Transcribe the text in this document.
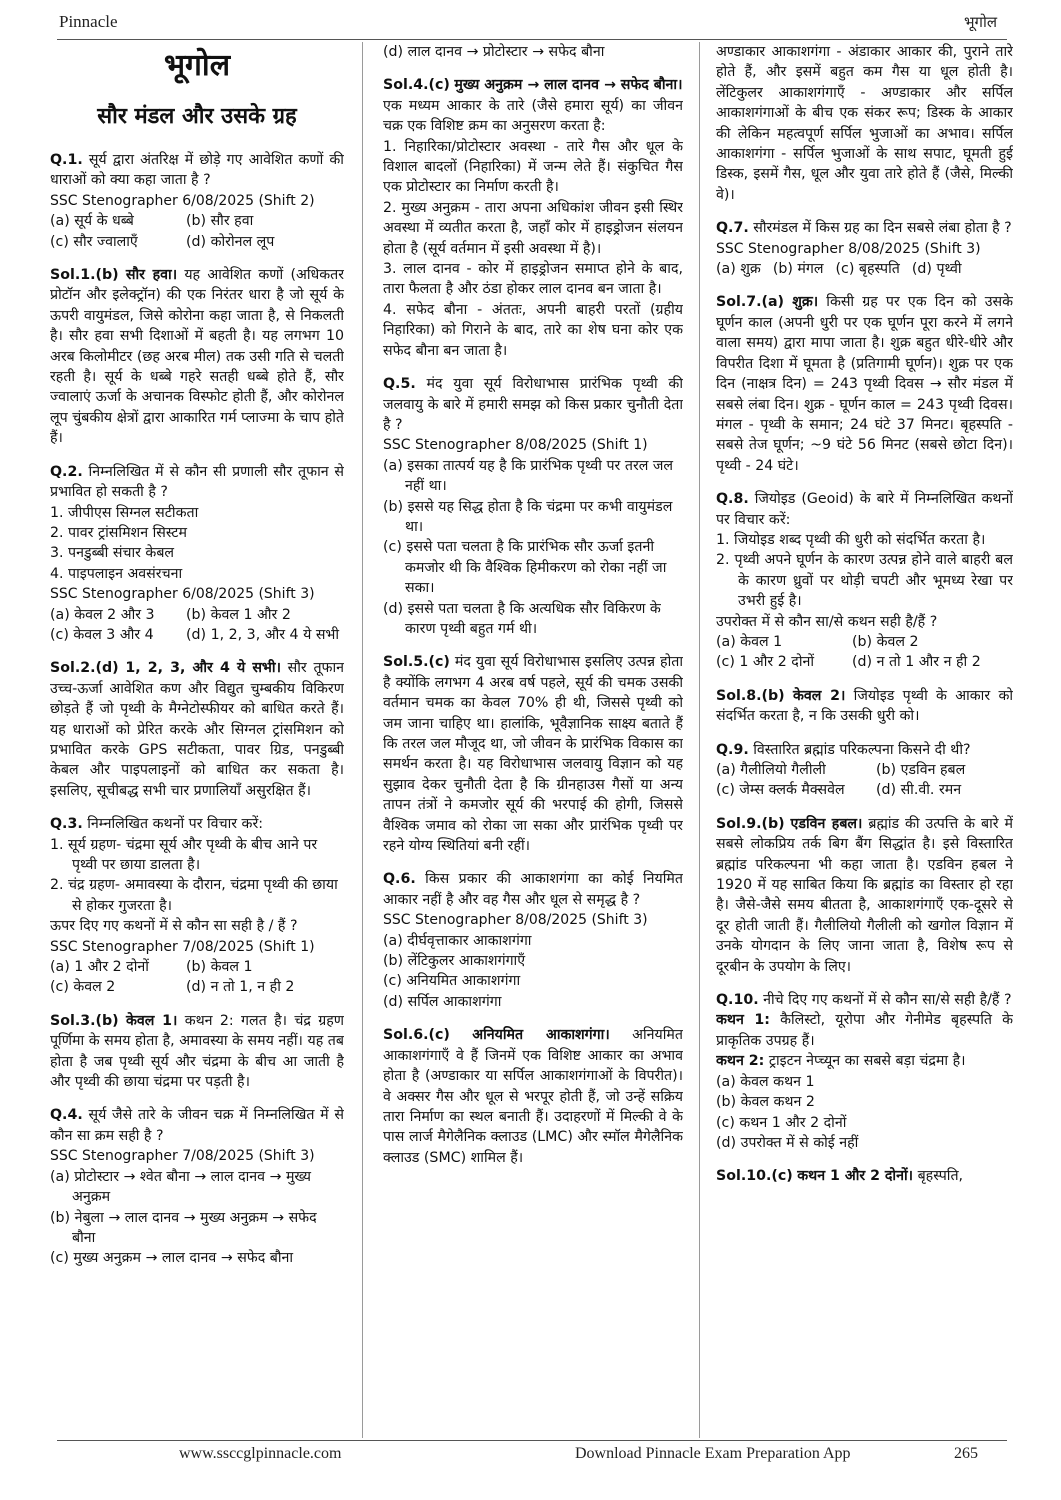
Pinnacle	भूगोल
भूगोल
सौर मंडल और उसके ग्रह
Q.1. सूर्य द्वारा अंतरिक्ष में छोड़े गए आवेशित कणों की धाराओं को क्या कहा जाता है ?
SSC Stenographer 6/08/2025 (Shift 2)
(a) सूर्य के धब्बे	(b) सौर हवा
(c) सौर ज्वालाएँ	(d) कोरोनल लूप
Sol.1.(b) सौर हवा। यह आवेशित कणों (अधिकतर प्रोटॉन और इलेक्ट्रॉन) की एक निरंतर धारा है जो सूर्य के ऊपरी वायुमंडल, जिसे कोरोना कहा जाता है, से निकलती है। सौर हवा सभी दिशाओं में बहती है। यह लगभग 10 अरब किलोमीटर (छह अरब मील) तक उसी गति से चलती रहती है। सूर्य के धब्बे गहरे सतही धब्बे होते हैं, सौर ज्वालाएं ऊर्जा के अचानक विस्फोट होती हैं, और कोरोनल लूप चुंबकीय क्षेत्रों द्वारा आकारित गर्म प्लाज्मा के चाप होते हैं।
Q.2. निम्नलिखित में से कौन सी प्रणाली सौर तूफान से प्रभावित हो सकती है ?
1. जीपीएस सिग्नल सटीकता
2. पावर ट्रांसमिशन सिस्टम
3. पनडुब्बी संचार केबल
4. पाइपलाइन अवसंरचना
SSC Stenographer 6/08/2025 (Shift 3)
(a) केवल 2 और 3	(b) केवल 1 और 2
(c) केवल 3 और 4	(d) 1, 2, 3, और 4 ये सभी
Sol.2.(d) 1, 2, 3, और 4 ये सभी। सौर तूफान उच्च-ऊर्जा आवेशित कण और विद्युत चुम्बकीय विकिरण छोड़ते हैं जो पृथ्वी के मैग्नेटोस्फीयर को बाधित करते हैं। यह धाराओं को प्रेरित करके और सिग्नल ट्रांसमिशन को प्रभावित करके GPS सटीकता, पावर ग्रिड, पनडुब्बी केबल और पाइपलाइनों को बाधित कर सकता है। इसलिए, सूचीबद्ध सभी चार प्रणालियाँ असुरक्षित हैं।
Q.3. निम्नलिखित कथनों पर विचार करें:
1. सूर्य ग्रहण- चंद्रमा सूर्य और पृथ्वी के बीच आने पर पृथ्वी पर छाया डालता है।
2. चंद्र ग्रहण- अमावस्या के दौरान, चंद्रमा पृथ्वी की छाया से होकर गुजरता है।
ऊपर दिए गए कथनों में से कौन सा सही है / हैं ?
SSC Stenographer 7/08/2025 (Shift 1)
(a) 1 और 2 दोनों	(b) केवल 1
(c) केवल 2	(d) न तो 1, न ही 2
Sol.3.(b) केवल 1। कथन 2: गलत है। चंद्र ग्रहण पूर्णिमा के समय होता है, अमावस्या के समय नहीं। यह तब होता है जब पृथ्वी सूर्य और चंद्रमा के बीच आ जाती है और पृथ्वी की छाया चंद्रमा पर पड़ती है।
Q.4. सूर्य जैसे तारे के जीवन चक्र में निम्नलिखित में से कौन सा क्रम सही है ?
SSC Stenographer 7/08/2025 (Shift 3)
(a) प्रोटोस्टार → श्वेत बौना → लाल दानव → मुख्य अनुक्रम
(b) नेबुला → लाल दानव → मुख्य अनुक्रम → सफेद बौना
(c) मुख्य अनुक्रम → लाल दानव → सफेद बौना
(d) लाल दानव → प्रोटोस्टार → सफेद बौना
Sol.4.(c) मुख्य अनुक्रम → लाल दानव → सफेद बौना।
एक मध्यम आकार के तारे (जैसे हमारा सूर्य) का जीवन चक्र एक विशिष्ट क्रम का अनुसरण करता है:
1. निहारिका/प्रोटोस्टार अवस्था - तारे गैस और धूल के विशाल बादलों (निहारिका) में जन्म लेते हैं। संकुचित गैस एक प्रोटोस्टार का निर्माण करती है।
2. मुख्य अनुक्रम - तारा अपना अधिकांश जीवन इसी स्थिर अवस्था में व्यतीत करता है, जहाँ कोर में हाइड्रोजन संलयन होता है (सूर्य वर्तमान में इसी अवस्था में है)।
3. लाल दानव - कोर में हाइड्रोजन समाप्त होने के बाद, तारा फैलता है और ठंडा होकर लाल दानव बन जाता है।
4. सफेद बौना - अंततः, अपनी बाहरी परतों (ग्रहीय निहारिका) को गिराने के बाद, तारे का शेष घना कोर एक सफेद बौना बन जाता है।
Q.5. मंद युवा सूर्य विरोधाभास प्रारंभिक पृथ्वी की जलवायु के बारे में हमारी समझ को किस प्रकार चुनौती देता है ?
SSC Stenographer 8/08/2025 (Shift 1)
(a) इसका तात्पर्य यह है कि प्रारंभिक पृथ्वी पर तरल जल नहीं था।
(b) इससे यह सिद्ध होता है कि चंद्रमा पर कभी वायुमंडल था।
(c) इससे पता चलता है कि प्रारंभिक सौर ऊर्जा इतनी कमजोर थी कि वैश्विक हिमीकरण को रोका नहीं जा सका।
(d) इससे पता चलता है कि अत्यधिक सौर विकिरण के कारण पृथ्वी बहुत गर्म थी।
Sol.5.(c) मंद युवा सूर्य विरोधाभास इसलिए उत्पन्न होता है क्योंकि लगभग 4 अरब वर्ष पहले, सूर्य की चमक उसकी वर्तमान चमक का केवल 70% ही थी, जिससे पृथ्वी को जम जाना चाहिए था। हालांकि, भूवैज्ञानिक साक्ष्य बताते हैं कि तरल जल मौजूद था, जो जीवन के प्रारंभिक विकास का समर्थन करता है। यह विरोधाभास जलवायु विज्ञान को यह सुझाव देकर चुनौती देता है कि ग्रीनहाउस गैसों या अन्य तापन तंत्रों ने कमजोर सूर्य की भरपाई की होगी, जिससे वैश्विक जमाव को रोका जा सका और प्रारंभिक पृथ्वी पर रहने योग्य स्थितियां बनी रहीं।
Q.6. किस प्रकार की आकाशगंगा का कोई नियमित आकार नहीं है और वह गैस और धूल से समृद्ध है ?
SSC Stenographer 8/08/2025 (Shift 3)
(a) दीर्घवृत्ताकार आकाशगंगा
(b) लेंटिकुलर आकाशगंगाएँ
(c) अनियमित आकाशगंगा
(d) सर्पिल आकाशगंगा
Sol.6.(c) अनियमित आकाशगंगा। अनियमित आकाशगंगाएँ वे हैं जिनमें एक विशिष्ट आकार का अभाव होता है (अण्डाकार या सर्पिल आकाशगंगाओं के विपरीत)। वे अक्सर गैस और धूल से भरपूर होती हैं, जो उन्हें सक्रिय तारा निर्माण का स्थल बनाती हैं। उदाहरणों में मिल्की वे के पास लार्ज मैगेलैनिक क्लाउड (LMC) और स्मॉल मैगेलैनिक क्लाउड (SMC) शामिल हैं।
अण्डाकार आकाशगंगा - अंडाकार आकार की, पुराने तारे होते हैं, और इसमें बहुत कम गैस या धूल होती है। लेंटिकुलर आकाशगंगाएँ - अण्डाकार और सर्पिल आकाशगंगाओं के बीच एक संकर रूप; डिस्क के आकार की लेकिन महत्वपूर्ण सर्पिल भुजाओं का अभाव। सर्पिल आकाशगंगा - सर्पिल भुजाओं के साथ सपाट, घूमती हुई डिस्क, इसमें गैस, धूल और युवा तारे होते हैं (जैसे, मिल्की वे)।
Q.7. सौरमंडल में किस ग्रह का दिन सबसे लंबा होता है ?
SSC Stenographer 8/08/2025 (Shift 3)
(a) शुक्र (b) मंगल (c) बृहस्पति (d) पृथ्वी
Sol.7.(a) शुक्र। किसी ग्रह पर एक दिन को उसके घूर्णन काल (अपनी धुरी पर एक घूर्णन पूरा करने में लगने वाला समय) द्वारा मापा जाता है। शुक्र बहुत धीरे-धीरे और विपरीत दिशा में घूमता है (प्रतिगामी घूर्णन)। शुक्र पर एक दिन (नाक्षत्र दिन) = 243 पृथ्वी दिवस → सौर मंडल में सबसे लंबा दिन। शुक्र - घूर्णन काल = 243 पृथ्वी दिवस। मंगल - पृथ्वी के समान; 24 घंटे 37 मिनट। बृहस्पति - सबसे तेज घूर्णन; ~9 घंटे 56 मिनट (सबसे छोटा दिन)। पृथ्वी - 24 घंटे।
Q.8. जियोइड (Geoid) के बारे में निम्नलिखित कथनों पर विचार करें:
1. जियोइड शब्द पृथ्वी की धुरी को संदर्भित करता है।
2. पृथ्वी अपने घूर्णन के कारण उत्पन्न होने वाले बाहरी बल के कारण ध्रुवों पर थोड़ी चपटी और भूमध्य रेखा पर उभरी हुई है।
उपरोक्त में से कौन सा/से कथन सही है/हैं ?
(a) केवल 1	(b) केवल 2
(c) 1 और 2 दोनों	(d) न तो 1 और न ही 2
Sol.8.(b) केवल 2। जियोइड पृथ्वी के आकार को संदर्भित करता है, न कि उसकी धुरी को।
Q.9. विस्तारित ब्रह्मांड परिकल्पना किसने दी थी?
(a) गैलीलियो गैलीली	(b) एडविन हबल
(c) जेम्स क्लर्क मैक्सवेल	(d) सी.वी. रमन
Sol.9.(b) एडविन हबल। ब्रह्मांड की उत्पत्ति के बारे में सबसे लोकप्रिय तर्क बिग बैंग सिद्धांत है। इसे विस्तारित ब्रह्मांड परिकल्पना भी कहा जाता है। एडविन हबल ने 1920 में यह साबित किया कि ब्रह्मांड का विस्तार हो रहा है। जैसे-जैसे समय बीतता है, आकाशगंगाएँ एक-दूसरे से दूर होती जाती हैं। गैलीलियो गैलीली को खगोल विज्ञान में उनके योगदान के लिए जाना जाता है, विशेष रूप से दूरबीन के उपयोग के लिए।
Q.10. नीचे दिए गए कथनों में से कौन सा/से सही है/हैं ?
कथन 1: कैलिस्टो, यूरोपा और गेनीमेड बृहस्पति के प्राकृतिक उपग्रह हैं।
कथन 2: ट्राइटन नेप्च्यून का सबसे बड़ा चंद्रमा है।
(a) केवल कथन 1
(b) केवल कथन 2
(c) कथन 1 और 2 दोनों
(d) उपरोक्त में से कोई नहीं
Sol.10.(c) कथन 1 और 2 दोनों। बृहस्पति,
www.ssccglpinnacle.com	Download Pinnacle Exam Preparation App	265
